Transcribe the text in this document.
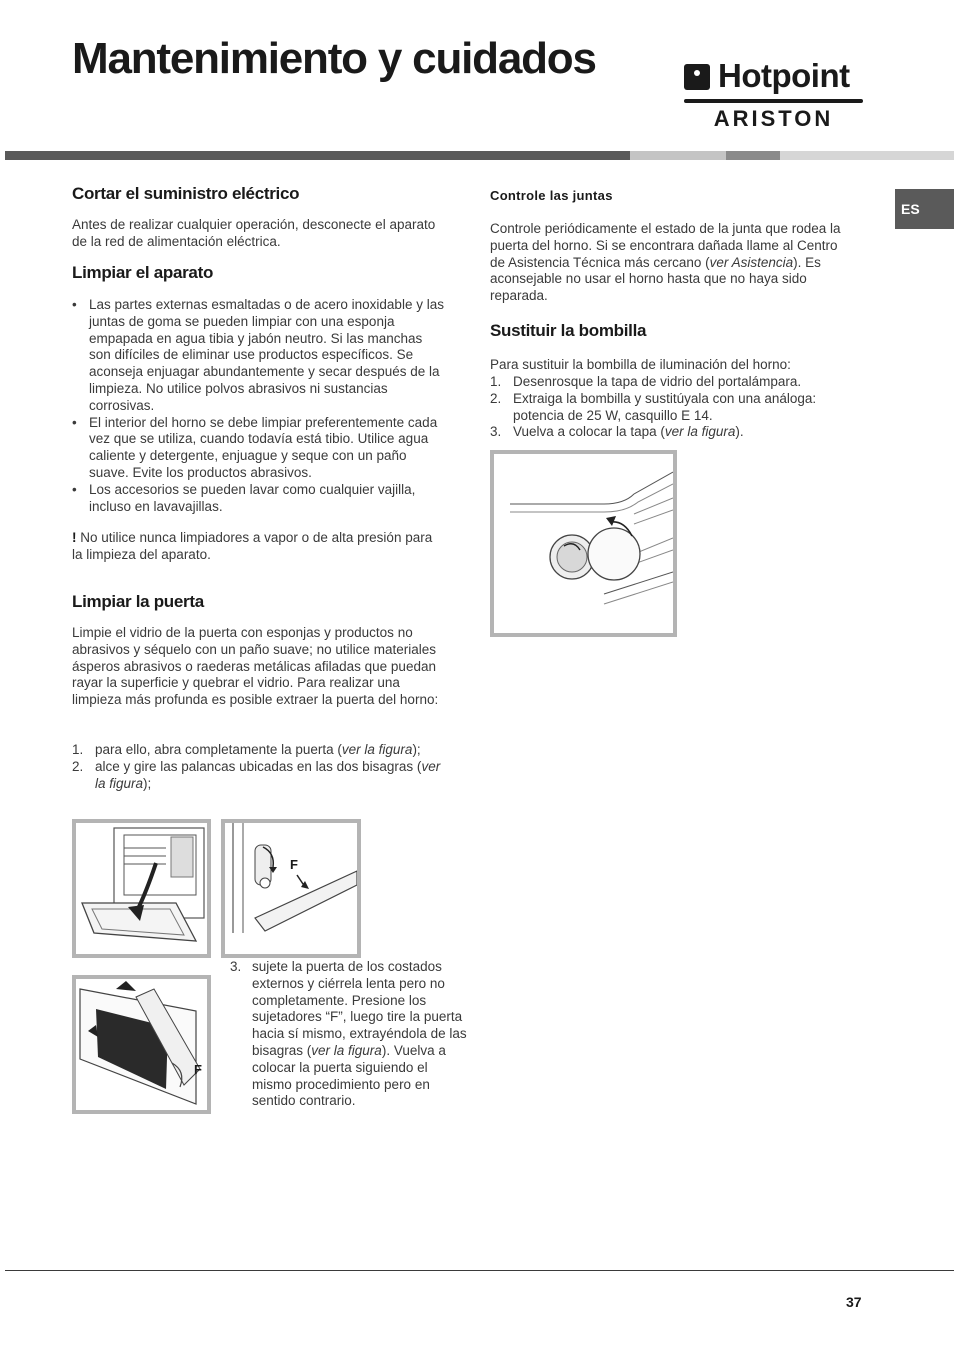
Mantenimiento y cuidados	Hotpoint
ARISTON
ES
Cortar el suministro eléctrico

Antes de realizar cualquier operación, desconecte el aparato de la red de alimentación eléctrica.

Limpiar el aparato

• Las partes externas esmaltadas o de acero inoxidable y las juntas de goma se pueden limpiar con una esponja empapada en agua tibia y jabón neutro. Si las manchas son difíciles de eliminar use productos específicos. Se aconseja enjuagar abundantemente y secar después de la limpieza. No utilice polvos abrasivos ni sustancias corrosivas.

• El interior del horno se debe limpiar preferentemente cada vez que se utiliza, cuando todavía está tibio. Utilice agua caliente y detergente, enjuague y seque con un paño suave. Evite los productos abrasivos.

• Los accesorios se pueden lavar como cualquier vajilla, incluso en lavavajillas.

! No utilice nunca limpiadores a vapor o de alta presión para la limpieza del aparato.

Limpiar la puerta

Limpie el vidrio de la puerta con esponjas y productos no abrasivos y séquelo con un paño suave; no utilice materiales ásperos abrasivos o raederas metálicas afiladas que puedan rayar la superficie y quebrar el vidrio. Para realizar una limpieza más profunda es posible extraer la puerta del horno:

1. para ello, abra completamente la puerta (ver la figura);

2. alce y gire las palancas ubicadas en las dos bisagras (ver la figura);

F
F

3. sujete la puerta de los costados externos y ciérrela lenta pero no completamente. Presione los sujetadores “F”, luego tire la puerta hacia sí mismo, extrayéndola de las bisagras (ver la figura). Vuelva a colocar la puerta siguiendo el mismo procedimiento pero en sentido contrario.

Controle las juntas

Controle periódicamente el estado de la junta que rodea la puerta del horno. Si se encontrara dañada llame al Centro de Asistencia Técnica más cercano (ver Asistencia). Es aconsejable no usar el horno hasta que no haya sido reparada.

Sustituir la bombilla

Para sustituir la bombilla de iluminación del horno:

1. Desenrosque la tapa de vidrio del portalámpara.

2. Extraiga la bombilla y sustitúyala con una análoga: potencia de 25 W, casquillo E 14.

3. Vuelva a colocar la tapa (ver la figura).

37
